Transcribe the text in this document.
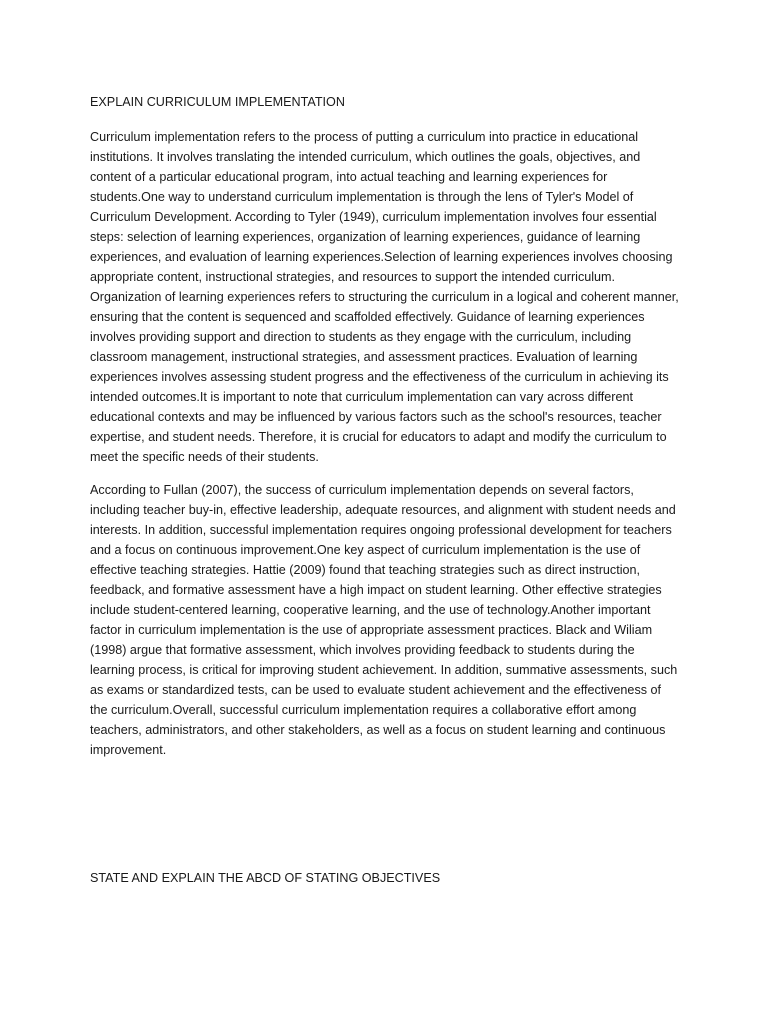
EXPLAIN CURRICULUM IMPLEMENTATION

Curriculum implementation refers to the process of putting a curriculum into practice in educational institutions. It involves translating the intended curriculum, which outlines the goals, objectives, and content of a particular educational program, into actual teaching and learning experiences for students.One way to understand curriculum implementation is through the lens of Tyler's Model of Curriculum Development. According to Tyler (1949), curriculum implementation involves four essential steps: selection of learning experiences, organization of learning experiences, guidance of learning experiences, and evaluation of learning experiences.Selection of learning experiences involves choosing appropriate content, instructional strategies, and resources to support the intended curriculum. Organization of learning experiences refers to structuring the curriculum in a logical and coherent manner, ensuring that the content is sequenced and scaffolded effectively. Guidance of learning experiences involves providing support and direction to students as they engage with the curriculum, including classroom management, instructional strategies, and assessment practices. Evaluation of learning experiences involves assessing student progress and the effectiveness of the curriculum in achieving its intended outcomes.It is important to note that curriculum implementation can vary across different educational contexts and may be influenced by various factors such as the school's resources, teacher expertise, and student needs. Therefore, it is crucial for educators to adapt and modify the curriculum to meet the specific needs of their students.

According to Fullan (2007), the success of curriculum implementation depends on several factors, including teacher buy-in, effective leadership, adequate resources, and alignment with student needs and interests. In addition, successful implementation requires ongoing professional development for teachers and a focus on continuous improvement.One key aspect of curriculum implementation is the use of effective teaching strategies. Hattie (2009) found that teaching strategies such as direct instruction, feedback, and formative assessment have a high impact on student learning. Other effective strategies include student-centered learning, cooperative learning, and the use of technology.Another important factor in curriculum implementation is the use of appropriate assessment practices. Black and Wiliam (1998) argue that formative assessment, which involves providing feedback to students during the learning process, is critical for improving student achievement. In addition, summative assessments, such as exams or standardized tests, can be used to evaluate student achievement and the effectiveness of the curriculum.Overall, successful curriculum implementation requires a collaborative effort among teachers, administrators, and other stakeholders, as well as a focus on student learning and continuous improvement.

STATE AND EXPLAIN THE ABCD OF STATING OBJECTIVES
